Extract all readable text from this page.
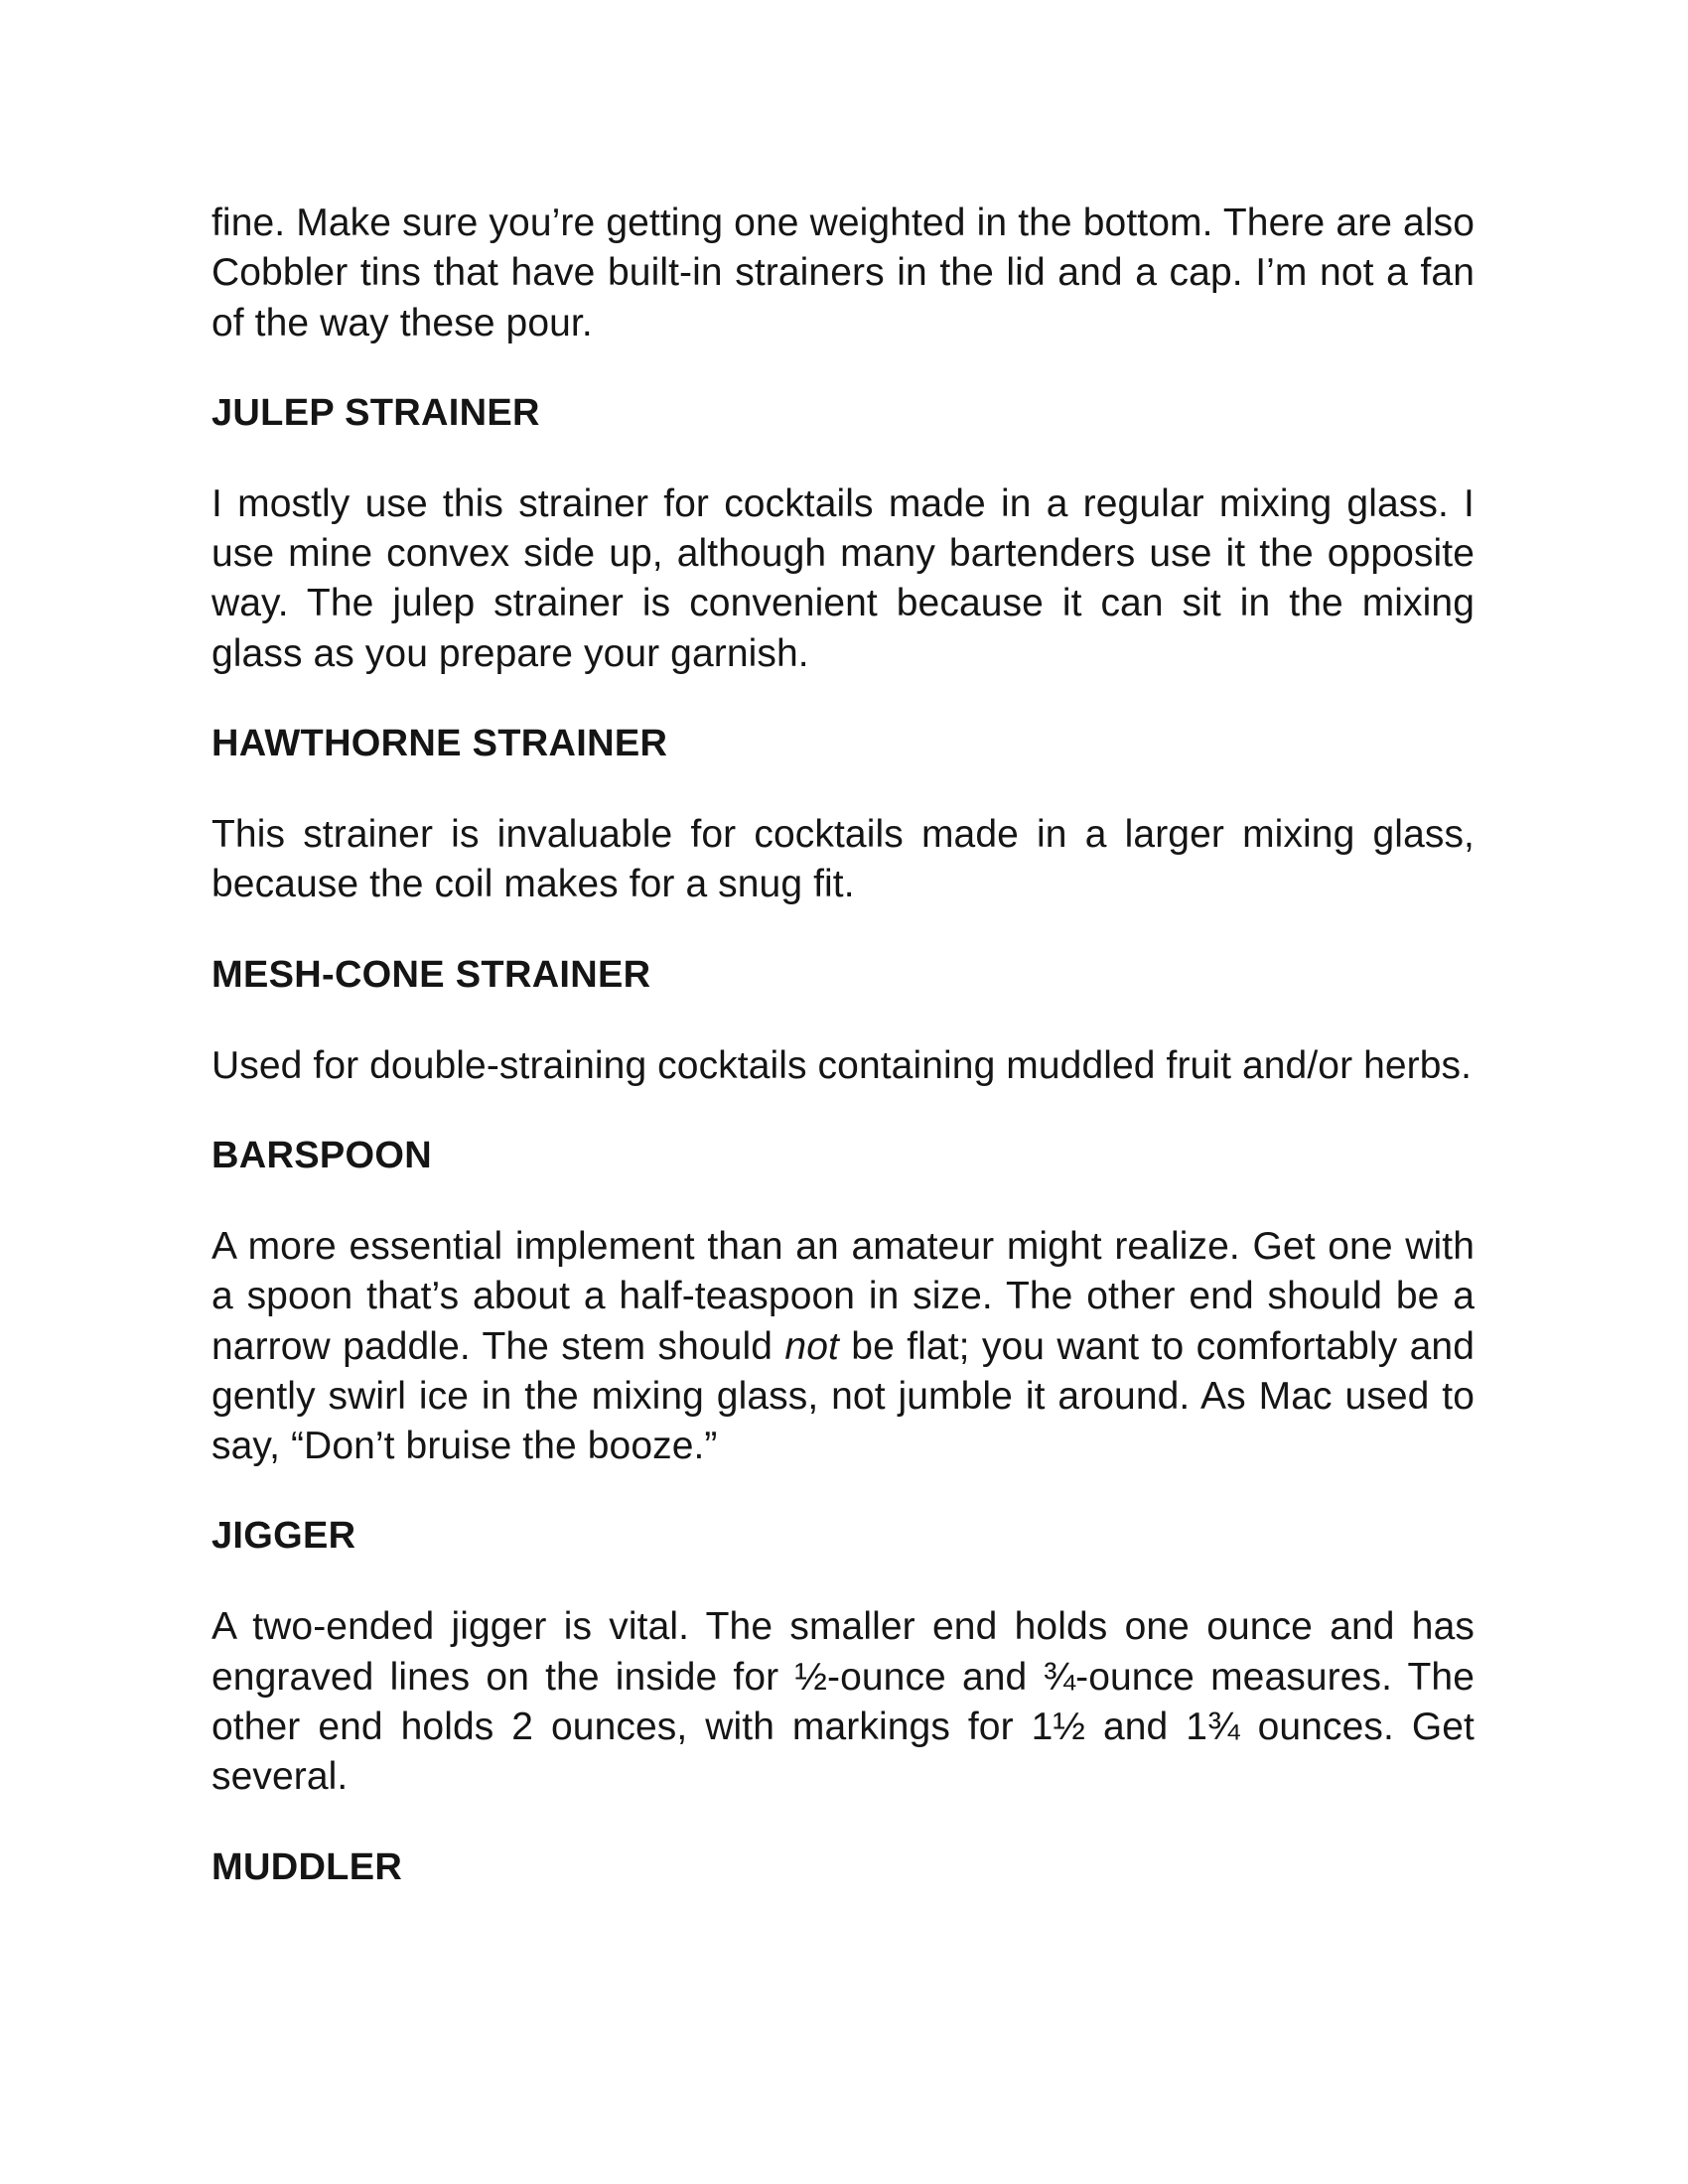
fine. Make sure you’re getting one weighted in the bottom. There are also Cobbler tins that have built-in strainers in the lid and a cap. I’m not a fan of the way these pour.

JULEP STRAINER

I mostly use this strainer for cocktails made in a regular mixing glass. I use mine convex side up, although many bartenders use it the opposite way. The julep strainer is convenient because it can sit in the mixing glass as you prepare your garnish.

HAWTHORNE STRAINER

This strainer is invaluable for cocktails made in a larger mixing glass, because the coil makes for a snug fit.

MESH-CONE STRAINER

Used for double-straining cocktails containing muddled fruit and/or herbs.

BARSPOON

A more essential implement than an amateur might realize. Get one with a spoon that’s about a half-teaspoon in size. The other end should be a narrow paddle. The stem should not be flat; you want to comfortably and gently swirl ice in the mixing glass, not jumble it around. As Mac used to say, “Don’t bruise the booze.”

JIGGER

A two-ended jigger is vital. The smaller end holds one ounce and has engraved lines on the inside for ½-ounce and ¾-ounce measures. The other end holds 2 ounces, with markings for 1½ and 1¾ ounces. Get several.

MUDDLER
